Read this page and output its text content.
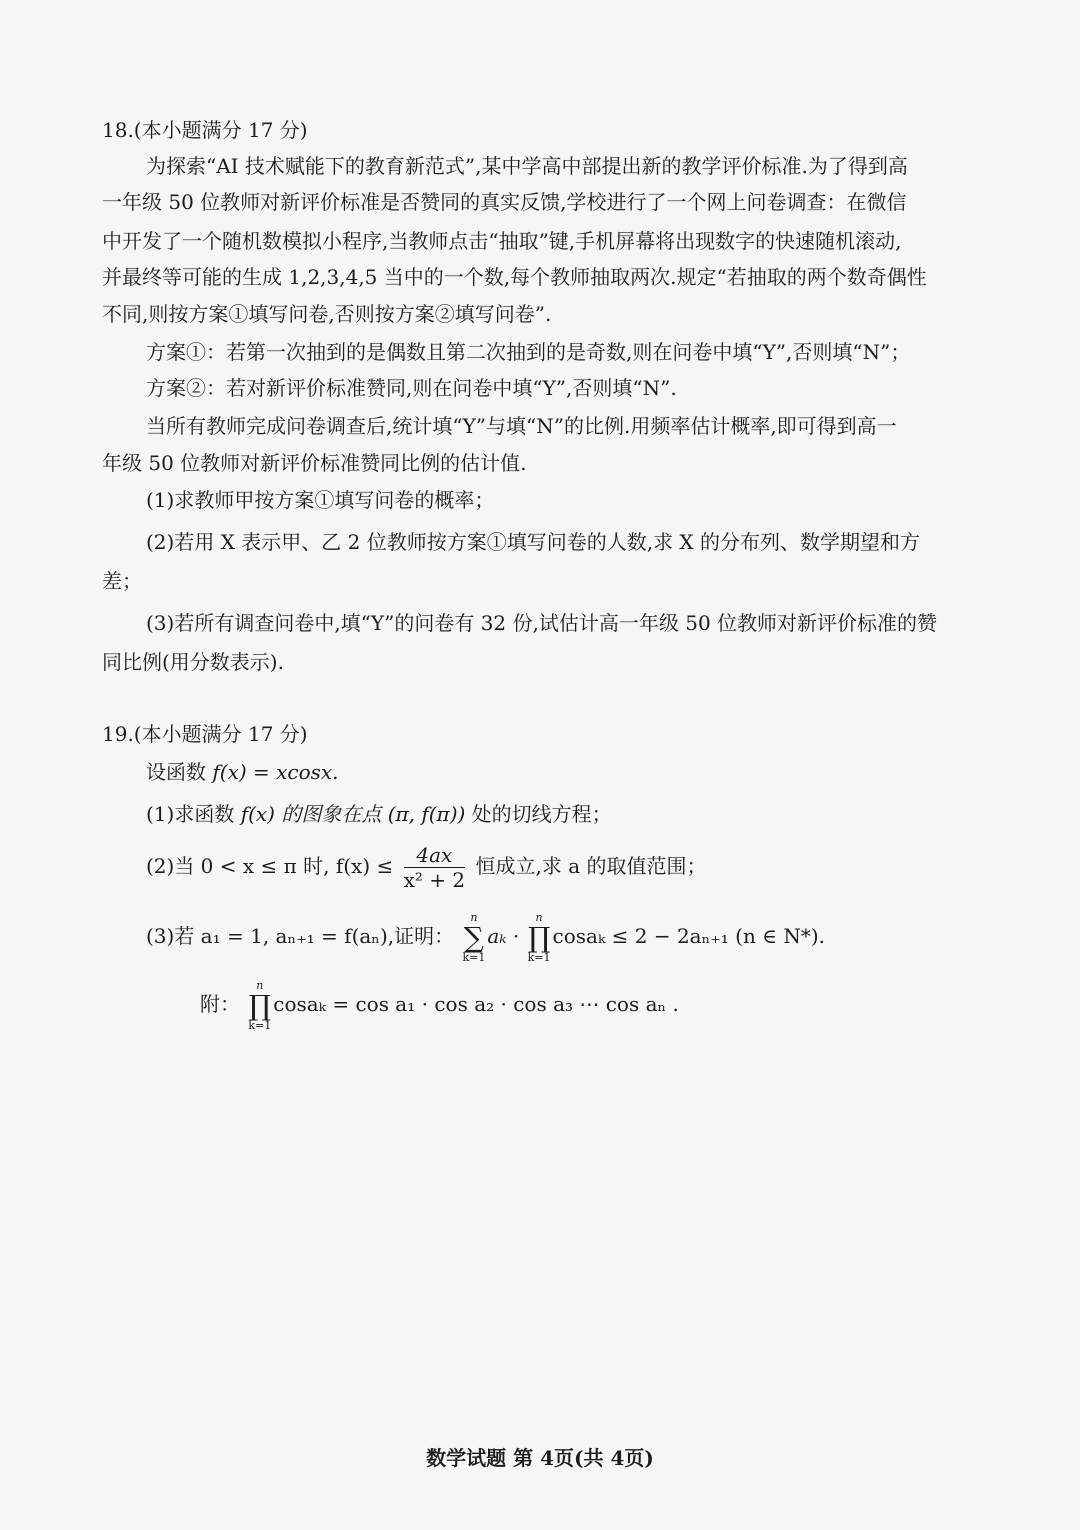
18.(本小题满分 17 分)
为探索“AI 技术赋能下的教育新范式”,某中学高中部提出新的教学评价标准.为了得到高
一年级 50 位教师对新评价标准是否赞同的真实反馈,学校进行了一个网上问卷调查：在微信
中开发了一个随机数模拟小程序,当教师点击“抽取”键,手机屏幕将出现数字的快速随机滚动,
并最终等可能的生成 1,2,3,4,5 当中的一个数,每个教师抽取两次.规定“若抽取的两个数奇偶性
不同,则按方案①填写问卷,否则按方案②填写问卷”.
方案①：若第一次抽到的是偶数且第二次抽到的是奇数,则在问卷中填“Y”,否则填“N”；
方案②：若对新评价标准赞同,则在问卷中填“Y”,否则填“N”.
当所有教师完成问卷调查后,统计填“Y”与填“N”的比例.用频率估计概率,即可得到高一
年级 50 位教师对新评价标准赞同比例的估计值.
(1)求教师甲按方案①填写问卷的概率；
(2)若用 X 表示甲、乙 2 位教师按方案①填写问卷的人数,求 X 的分布列、数学期望和方
差；
(3)若所有调查问卷中,填“Y”的问卷有 32 份,试估计高一年级 50 位教师对新评价标准的赞
同比例(用分数表示).
19.(本小题满分 17 分)
设函数 f(x) = xcosx.
(1)求函数 f(x) 的图象在点 (π, f(π)) 处的切线方程；
(2)当 0 < x ≤ π 时, $f(x) \le \frac{4ax}{\text{x² + 2}}$ 恒成立,求 a 的取值范围；
(3)若 a₁ = 1, aₙ₊₁ = f(aₙ),证明：
n
∑
k=1
aₖ ·
n
∏
k=1
cosaₖ ≤ 2 − 2aₙ₊₁ (n ∈ N*).
附：
n
∏
k=1
cosaₖ = cos a₁ · cos a₂ · cos a₃ ⋯ cos aₙ .
数学试题 第 4页(共 4页)
